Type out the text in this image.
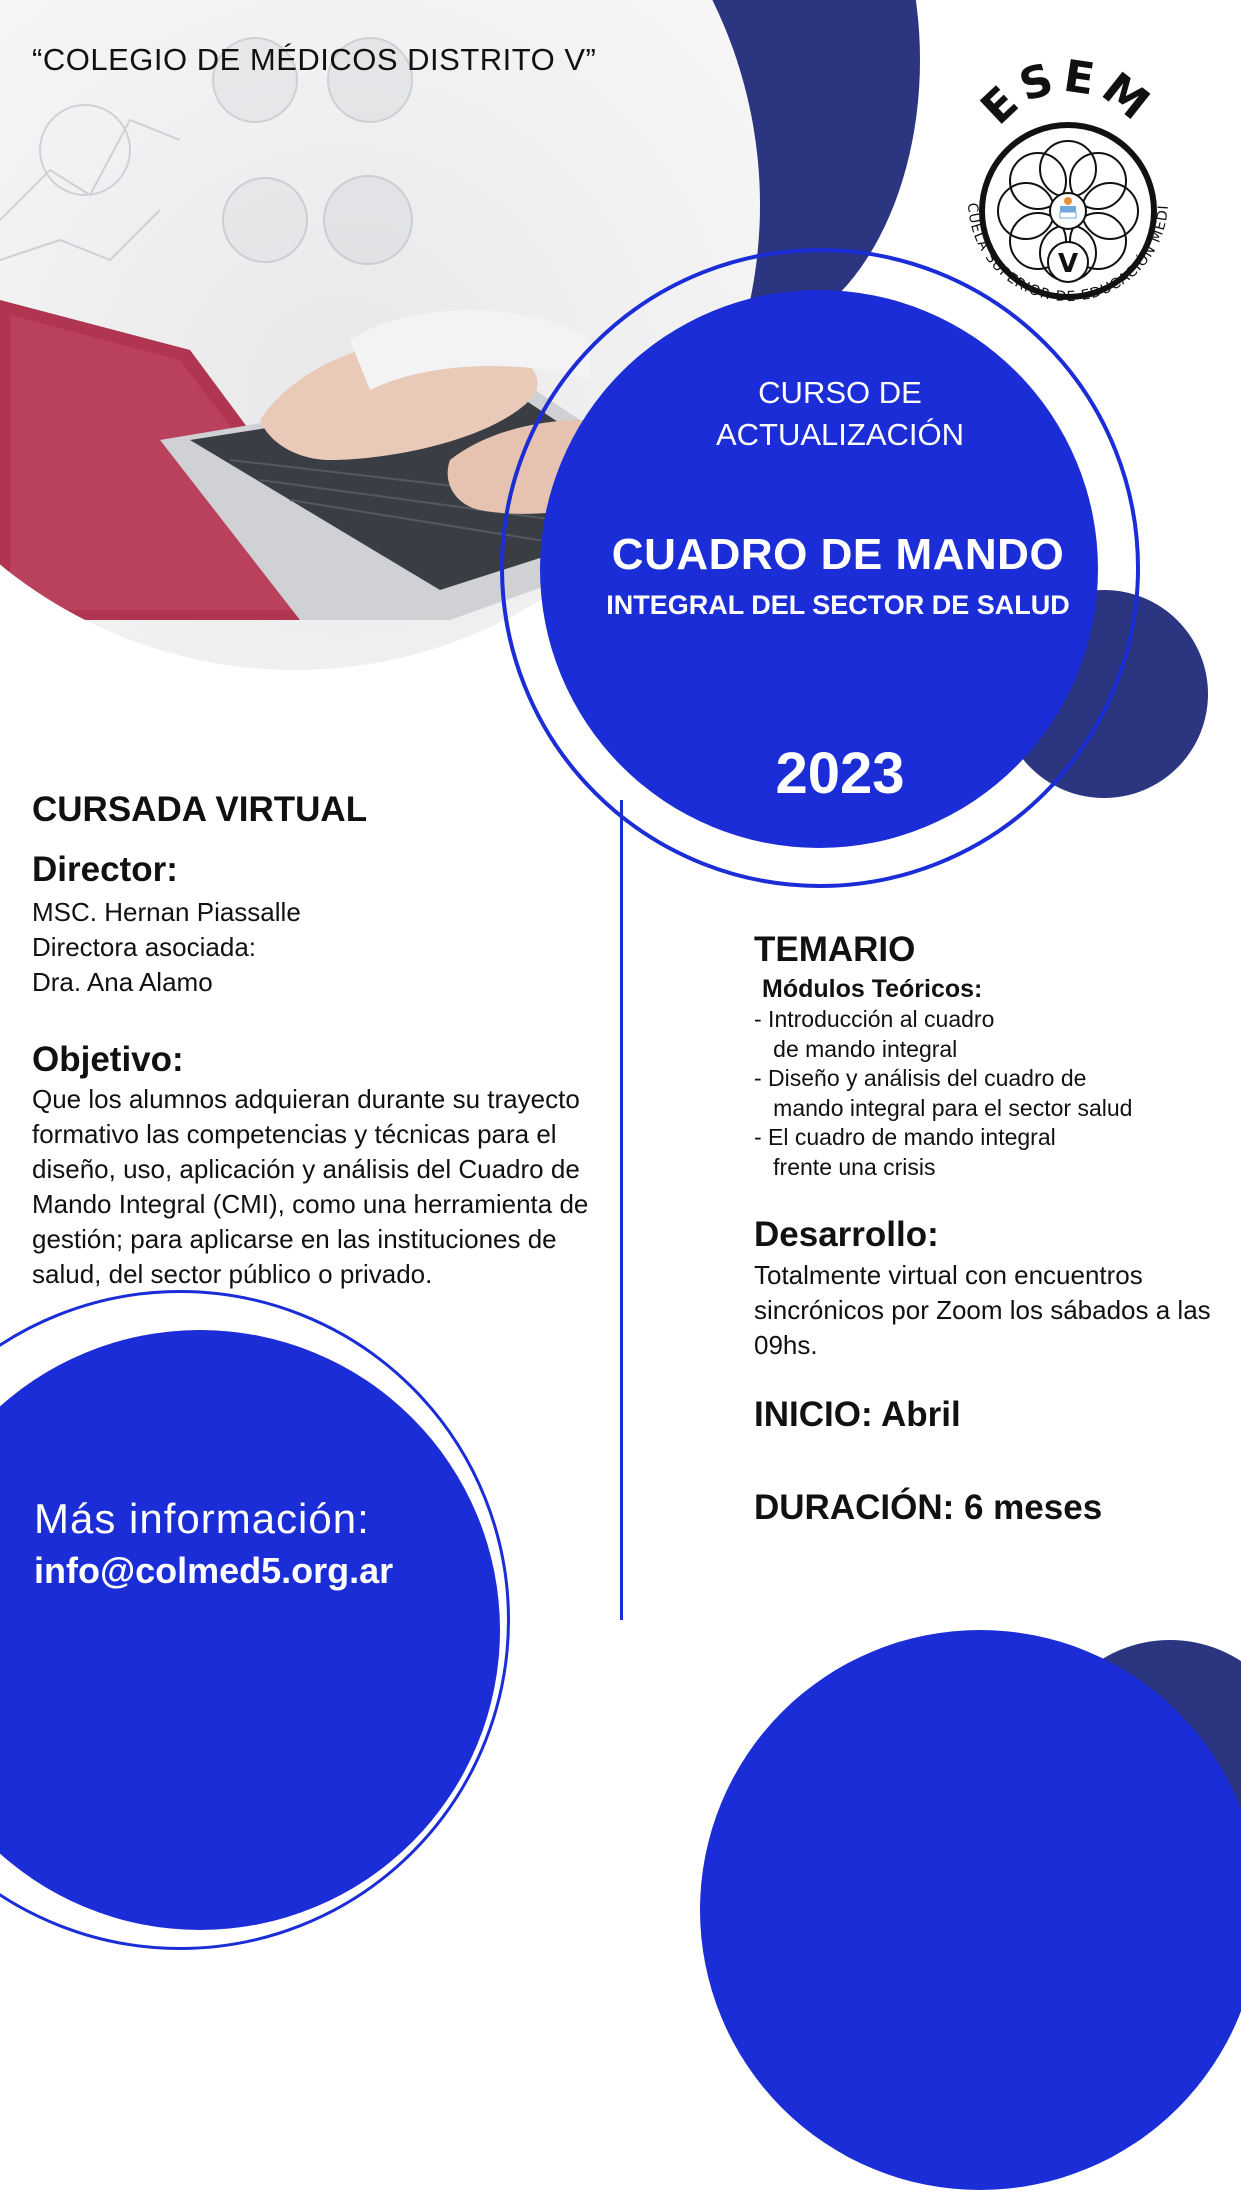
“COLEGIO DE MÉDICOS DISTRITO V”
ESEM
V
CUELA SUPERIOR DE EDUCACIÓN MÉDI
CURSO DE
ACTUALIZACIÓN
CUADRO DE MANDO
INTEGRAL DEL SECTOR DE SALUD
2023
CURSADA VIRTUAL
Director:
MSC. Hernan Piassalle
Directora asociada:
Dra. Ana Alamo
Objetivo:
Que los alumnos adquieran durante su trayecto formativo las competencias y técnicas para el diseño, uso, aplicación y análisis del Cuadro de Mando Integral (CMI), como una herramienta de gestión; para aplicarse en las instituciones de salud, del sector público o privado.
TEMARIO
Módulos Teóricos:
- Introducción al cuadro
de mando integral
- Diseño y análisis del cuadro de
mando integral para el sector salud
- El cuadro de mando integral
frente una crisis
Desarrollo:
Totalmente virtual con encuentros sincrónicos por Zoom los sábados a las 09hs.
INICIO: Abril
DURACIÓN: 6 meses
Más información:
info@colmed5.org.ar
